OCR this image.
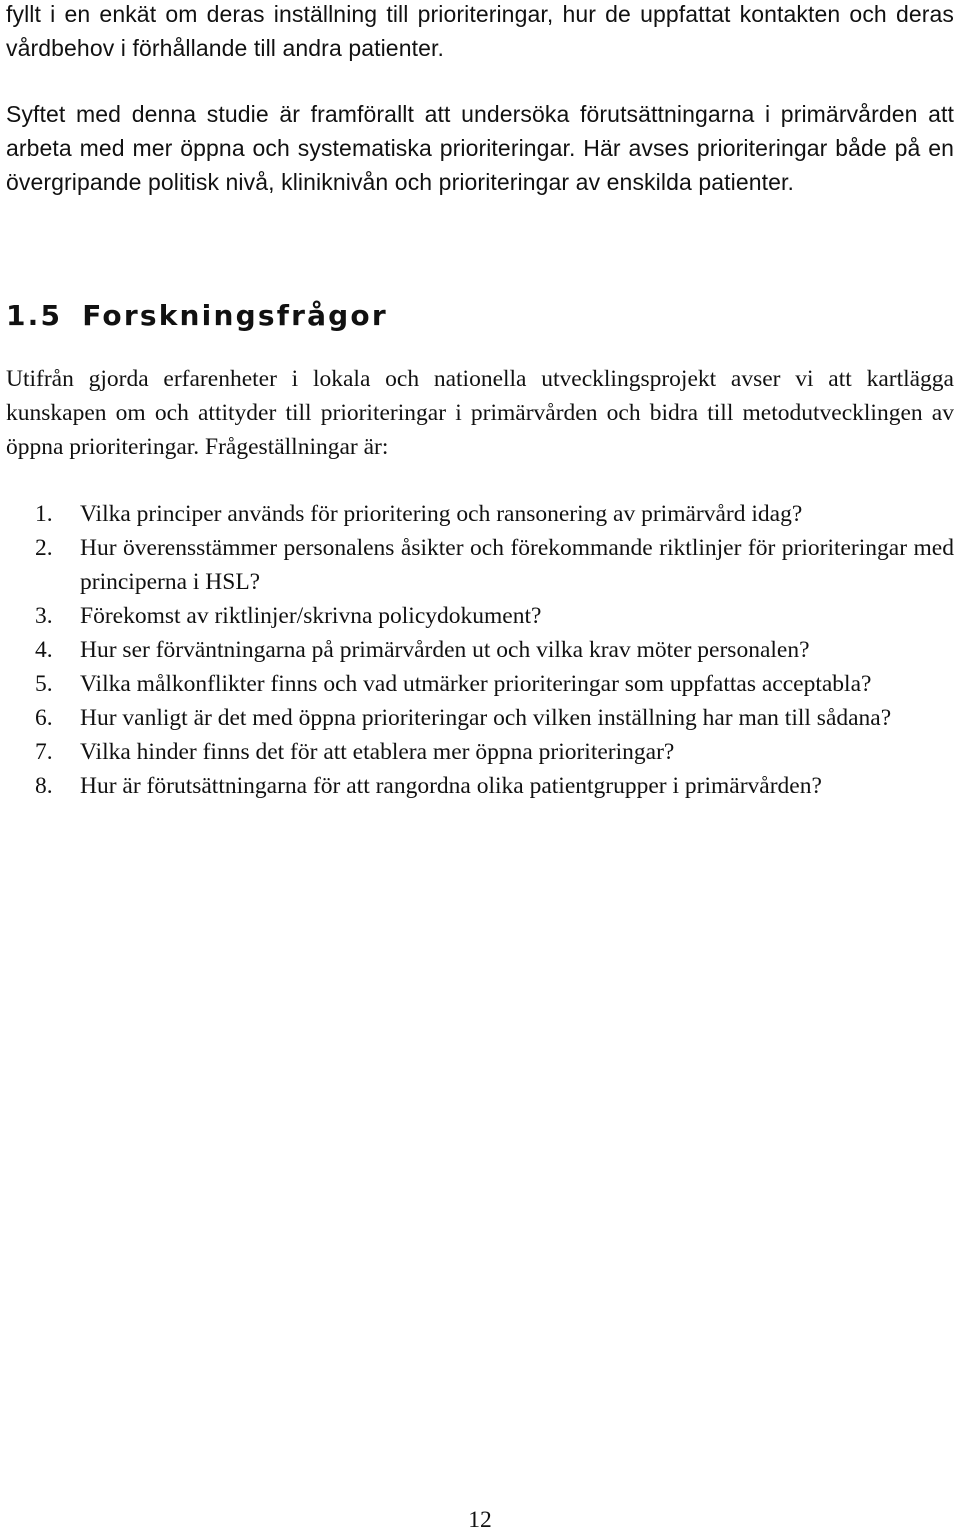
fyllt i en enkät om deras inställning till prioriteringar, hur de uppfattat kontakten och deras vårdbehov i förhållande till andra patienter.

Syftet med denna studie är framförallt att undersöka förutsättningarna i primärvården att arbeta med mer öppna och systematiska prioriteringar. Här avses prioriteringar både på en övergripande politisk nivå, kliniknivån och prioriteringar av enskilda patienter.

1.5 Forskningsfrågor

Utifrån gjorda erfarenheter i lokala och nationella utvecklingsprojekt avser vi att kartlägga kunskapen om och attityder till prioriteringar i primärvården och bidra till metodutvecklingen av öppna prioriteringar. Frågeställningar är:

1. Vilka principer används för prioritering och ransonering av primärvård idag?
2. Hur överensstämmer personalens åsikter och förekommande riktlinjer för prioriteringar med principerna i HSL?
3. Förekomst av riktlinjer/skrivna policydokument?
4. Hur ser förväntningarna på primärvården ut och vilka krav möter personalen?
5. Vilka målkonflikter finns och vad utmärker prioriteringar som uppfattas acceptabla?
6. Hur vanligt är det med öppna prioriteringar och vilken inställning har man till sådana?
7. Vilka hinder finns det för att etablera mer öppna prioriteringar?
8. Hur är förutsättningarna för att rangordna olika patientgrupper i primärvården?
12
